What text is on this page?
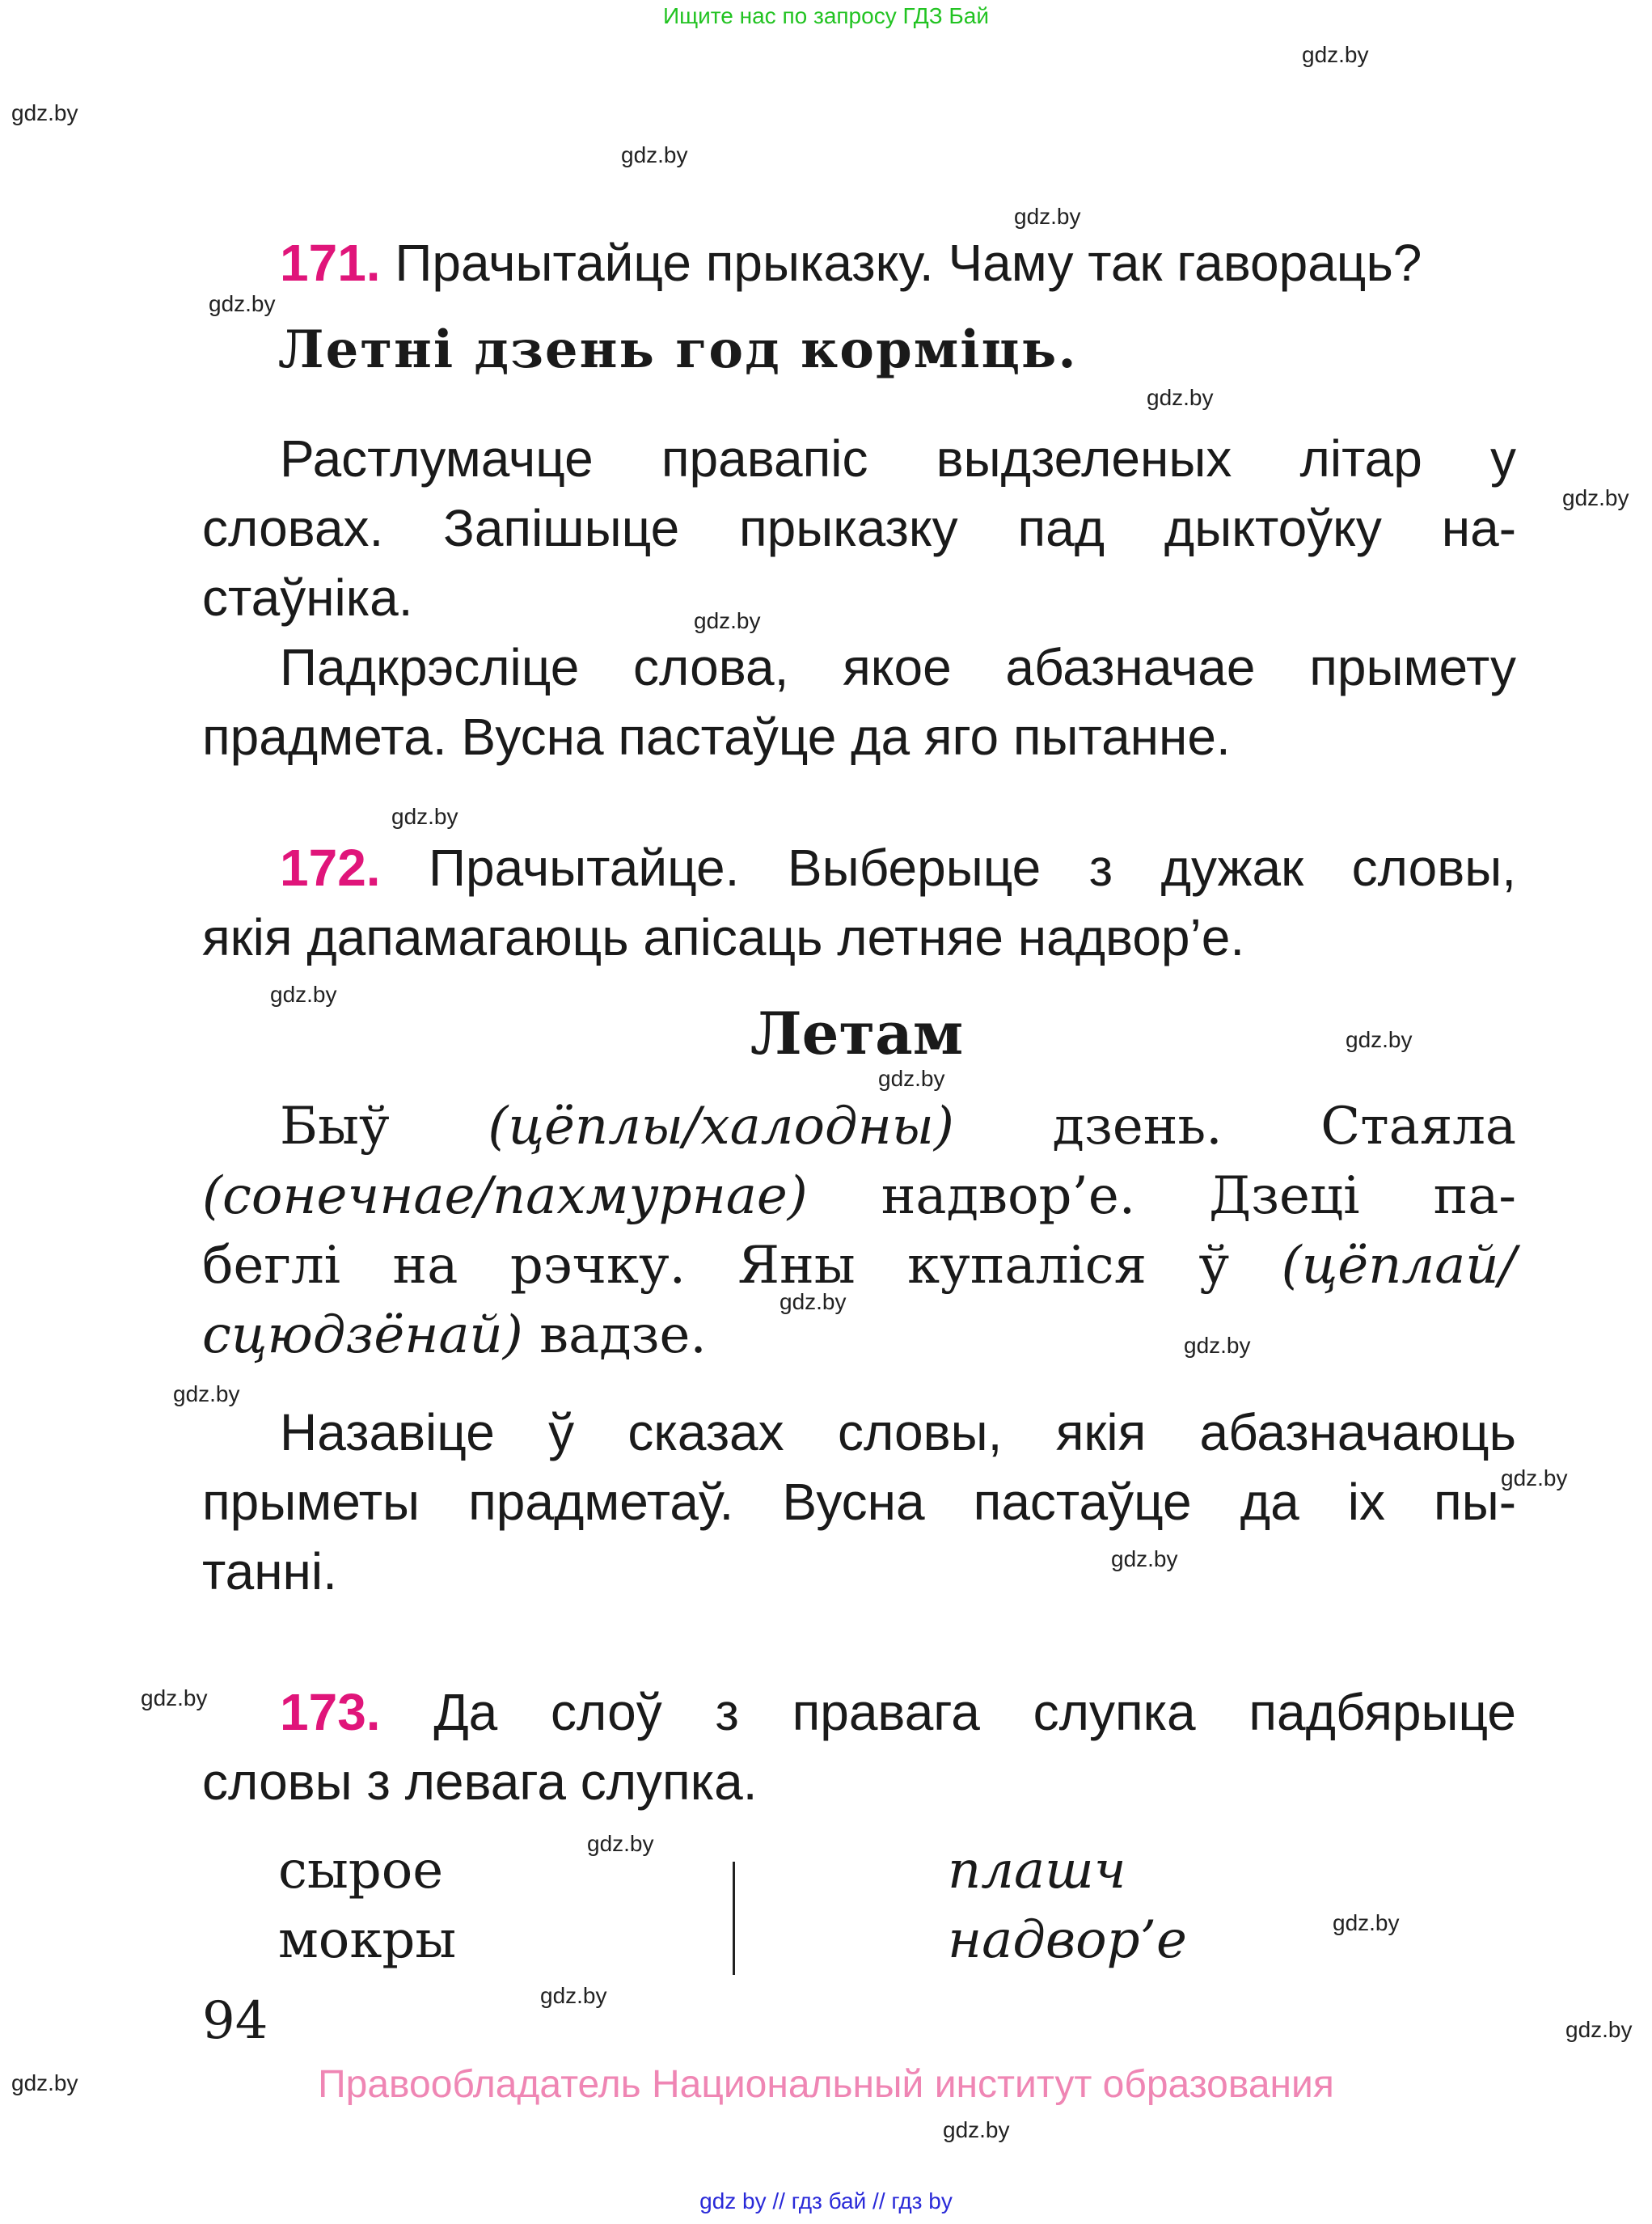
Ищите нас по запросу ГДЗ Бай
gdz.by
gdz.by
gdz.by
gdz.by
gdz.by
gdz.by
gdz.by
gdz.by
gdz.by
gdz.by
gdz.by
gdz.by
gdz.by
gdz.by
gdz.by
gdz.by
gdz.by
gdz.by
gdz.by
gdz.by
gdz.by
gdz.by
gdz.by
gdz.by
171. Прачытайце прыказку. Чаму так гавораць?
Летні дзень год корміць.
Растлумачце правапіс выдзеленых літар у
словах. Запішыце прыказку пад дыктоўку на-
стаўніка.
Падкрэсліце слова, якое абазначае прымету
прадмета. Вусна пастаўце да яго пытанне.
172. Прачытайце. Выберыце з дужак словы,
якія дапамагаюць апісаць летняе надвор’е.
Летам
Быў (цёплы/халодны) дзень. Стаяла
(сонечнае/пахмурнае) надвор’е. Дзеці па-
беглі на рэчку. Яны купаліся ў (цёплай/
сцюдзёнай) вадзе.
Назавіце ў сказах словы, якія абазначаюць
прыметы прадметаў. Вусна пастаўце да іх пы-
танні.
173. Да слоў з правага слупка падбярыце
словы з левага слупка.
сырое
мокры
плашч
надвор’е
94
Правообладатель Национальный институт образования
gdz by // гдз бай // гдз by
